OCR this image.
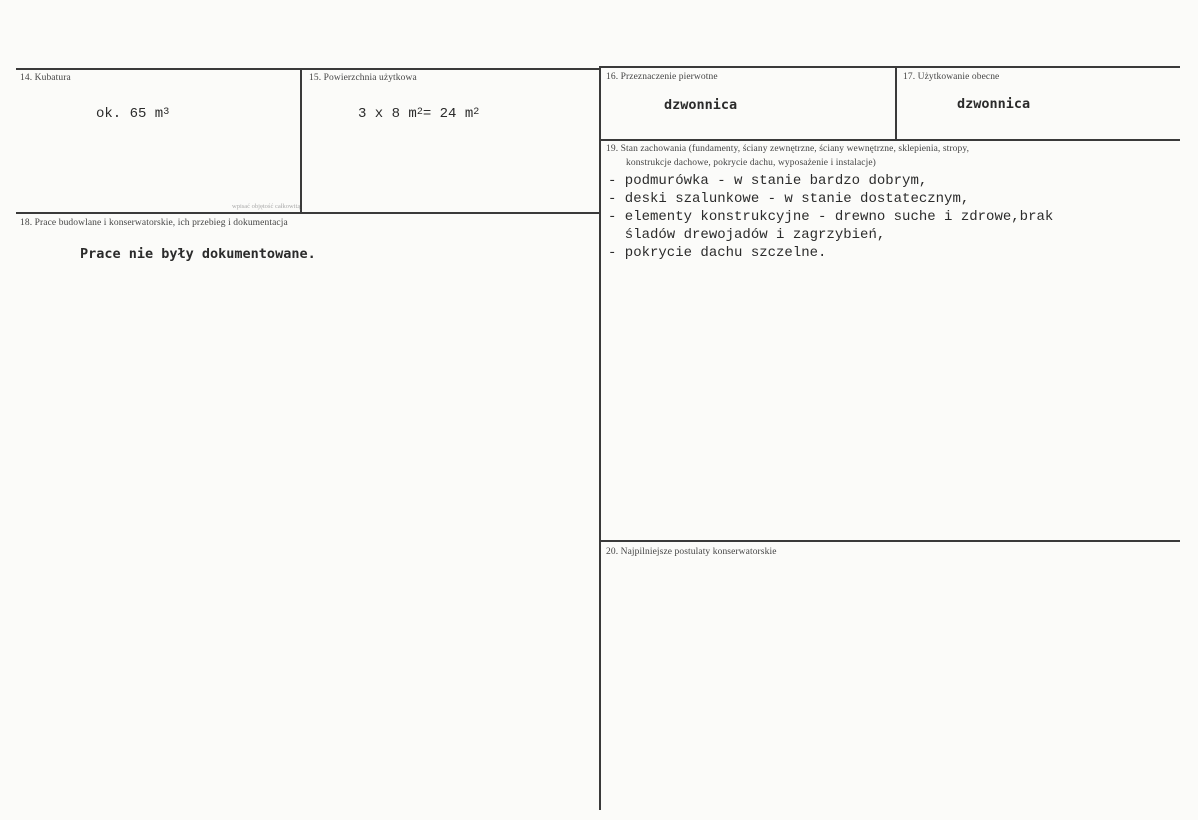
14. Kubatura
ok. 65 $m^3$
wpisać objętość całkowitą
15. Powierzchnia użytkowa
3 x 8 $m^2= 24$ $m^2$
16. Przeznaczenie pierwotne
dzwonnica
17. Użytkowanie obecne
dzwonnica
18. Prace budowlane i konserwatorskie, ich przebieg i dokumentacja
Prace nie były dokumentowane.
19. Stan zachowania (fundamenty, ściany zewnętrzne, ściany wewnętrzne, sklepienia, stropy,
konstrukcje dachowe, pokrycie dachu, wyposażenie i instalacje)
- podmurówka - w stanie bardzo dobrym,
- deski szalunkowe - w stanie dostatecznym,
- elementy konstrukcyjne - drewno suche i zdrowe,brak
śladów drewojadów i zagrzybień,
- pokrycie dachu szczelne.
20. Najpilniejsze postulaty konserwatorskie
